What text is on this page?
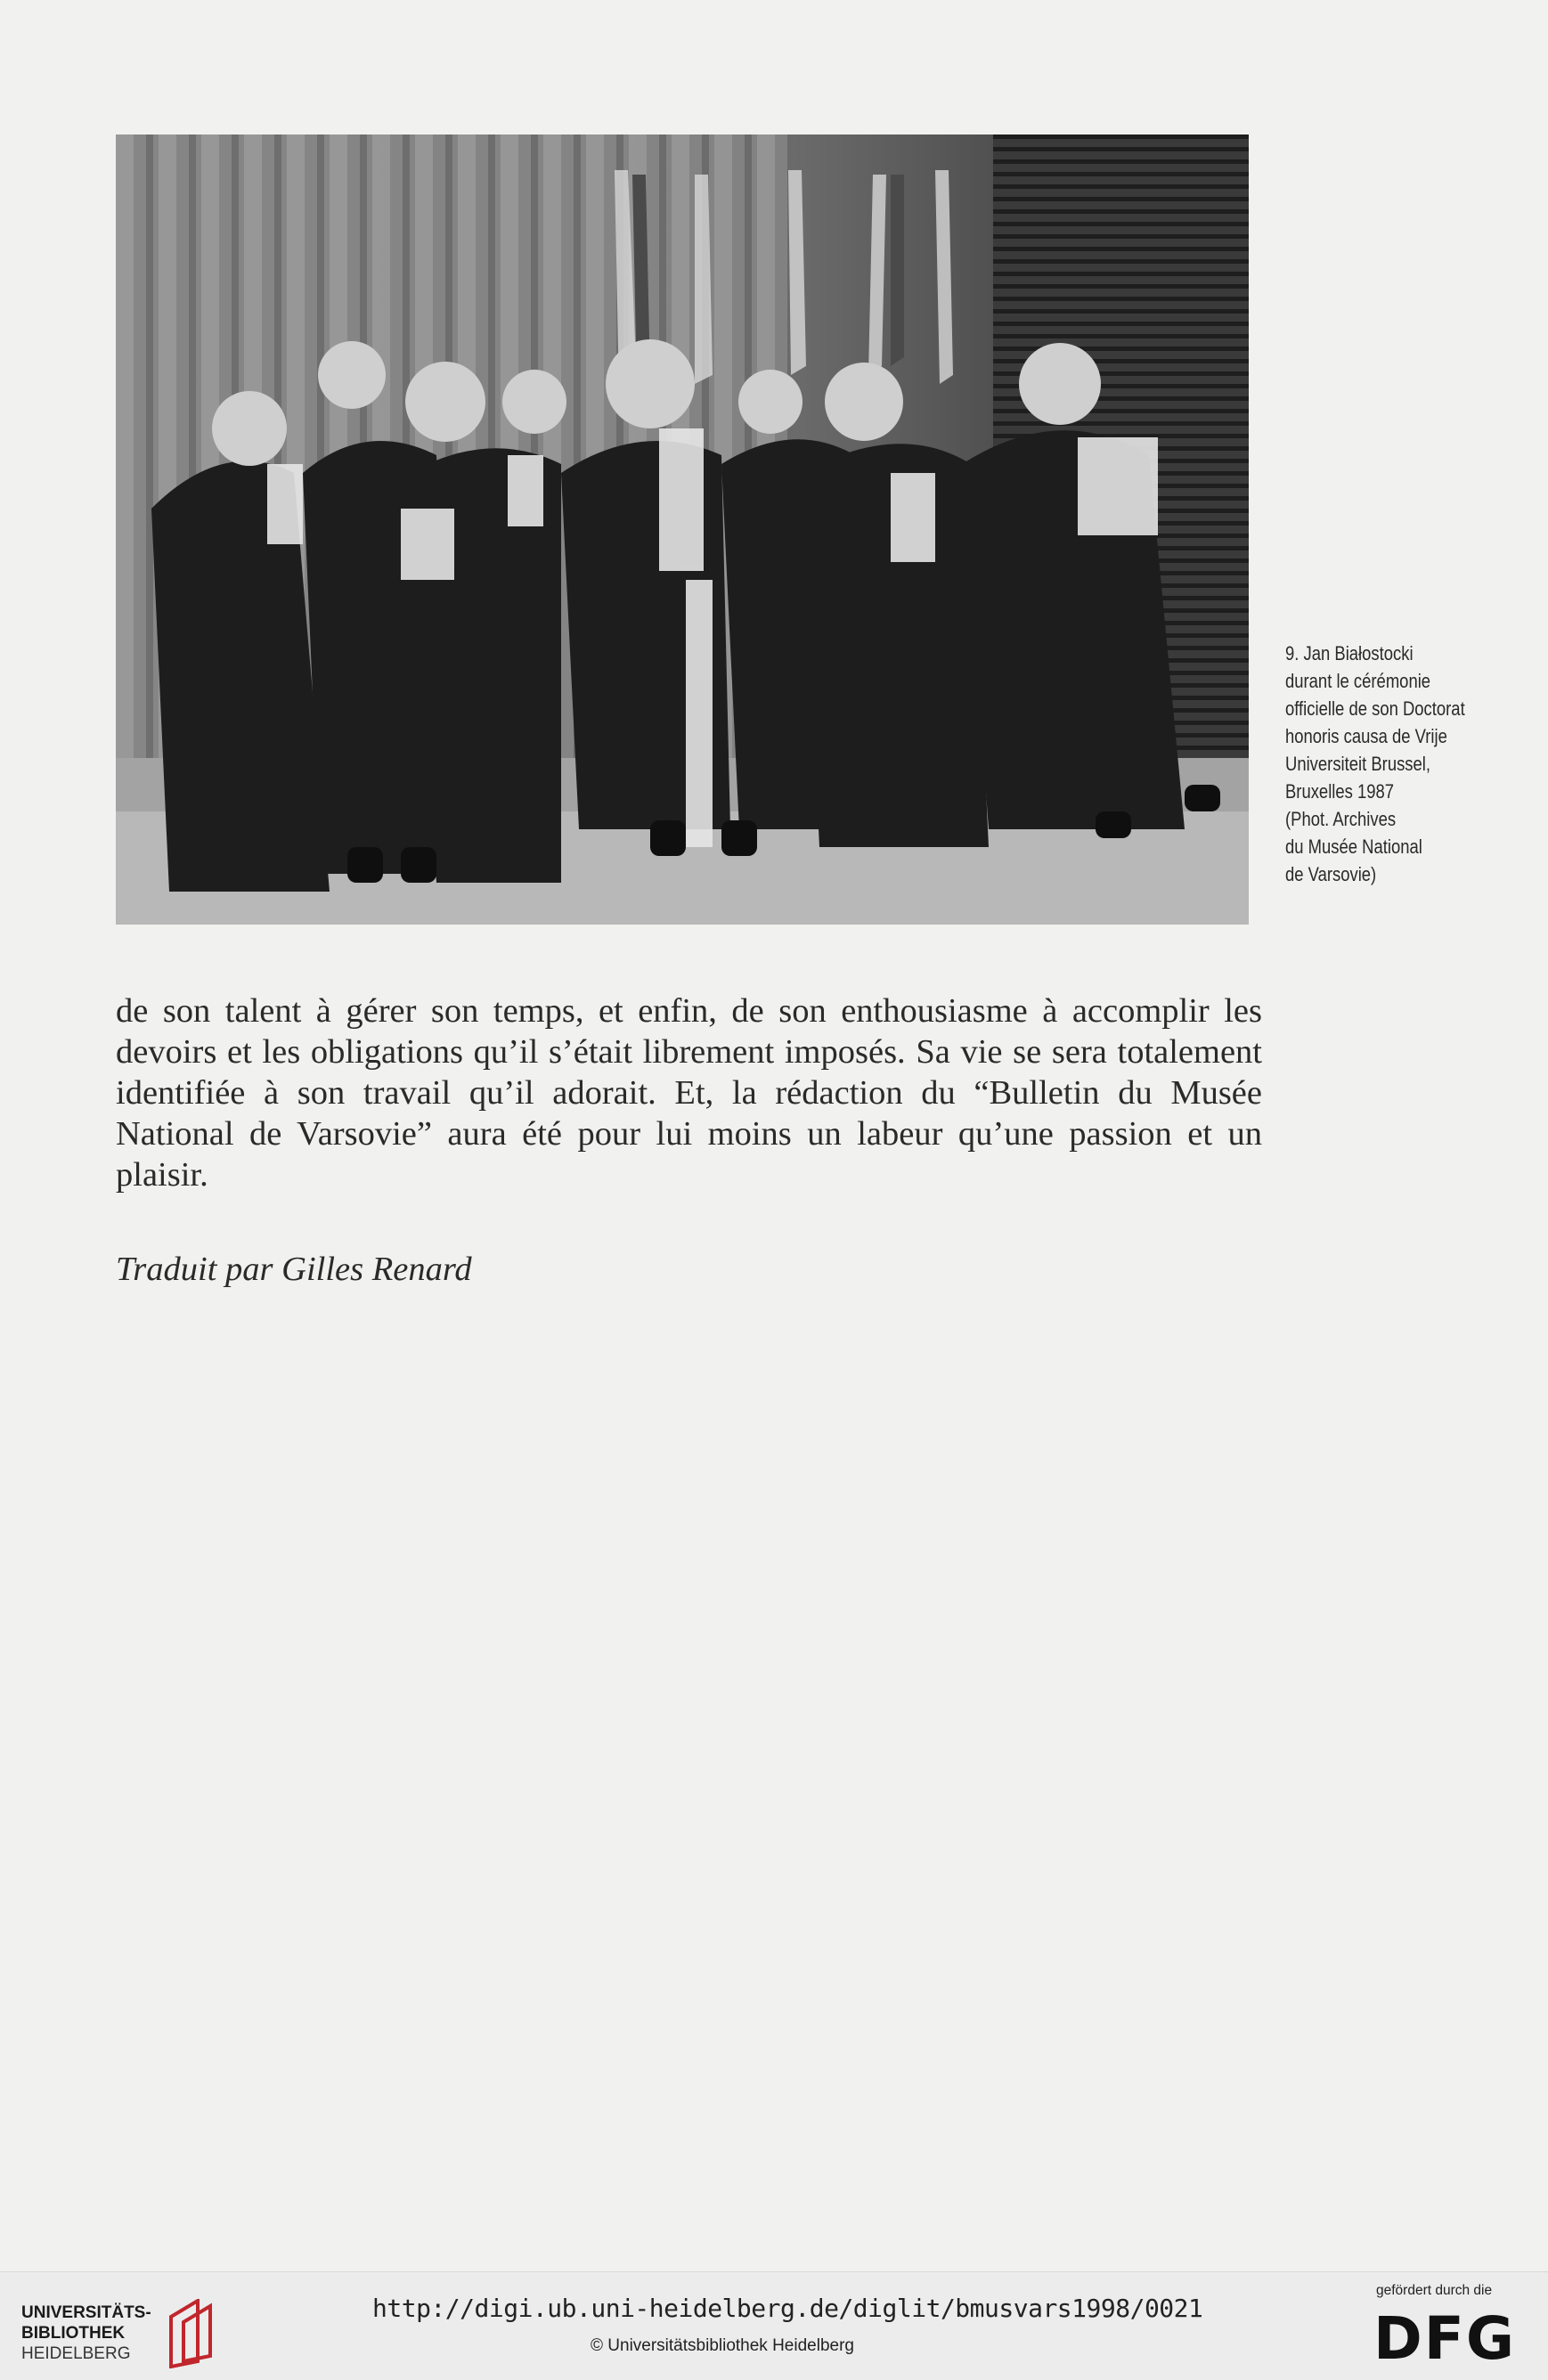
9. Jan Białostocki
durant le cérémonie
officielle de son Doctorat
honoris causa de Vrije
Universiteit Brussel,
Bruxelles 1987
(Phot. Archives
du Musée National
de Varsovie)

de son talent à gérer son temps, et enfin, de son enthousiasme à accomplir les devoirs et les obligations qu’il s’était librement imposés. Sa vie se sera totalement identifiée à son travail qu’il adorait. Et, la rédaction du “Bulletin du Musée National de Varsovie” aura été pour lui moins un labeur qu’une passion et un plaisir.

Traduit par Gilles Renard
UNIVERSITÄTS-
BIBLIOTHEK
HEIDELBERG
http://digi.ub.uni-heidelberg.de/diglit/bmusvars1998/0021
© Universitätsbibliothek Heidelberg
gefördert durch die
DFG
